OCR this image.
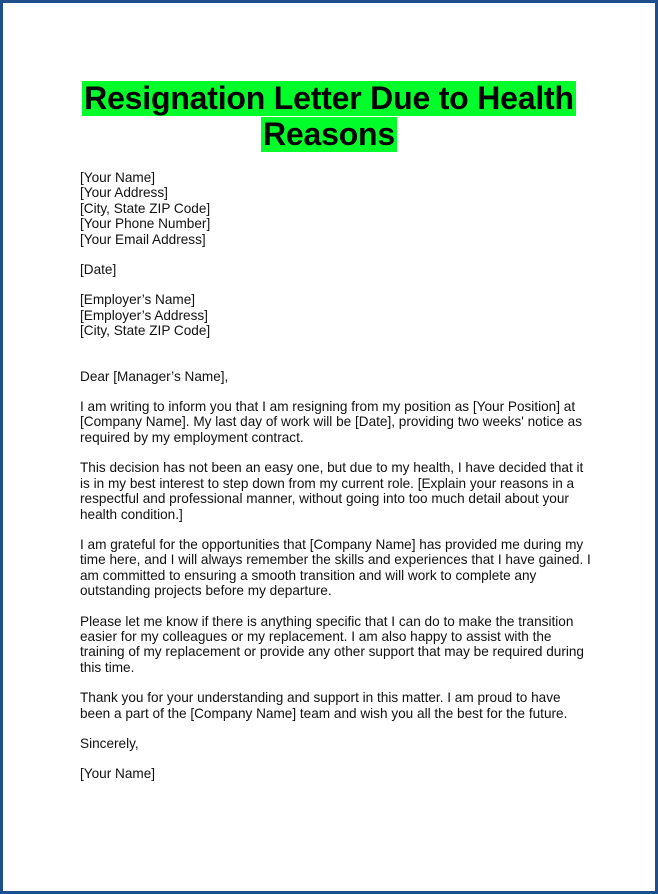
Resignation Letter Due to Health
Reasons
[Your Name]
[Your Address]
[City, State ZIP Code]
[Your Phone Number]
[Your Email Address]
[Date]
[Employer’s Name]
[Employer’s Address]
[City, State ZIP Code]
Dear [Manager’s Name],
I am writing to inform you that I am resigning from my position as [Your Position] at
[Company Name]. My last day of work will be [Date], providing two weeks' notice as
required by my employment contract.
This decision has not been an easy one, but due to my health, I have decided that it
is in my best interest to step down from my current role. [Explain your reasons in a
respectful and professional manner, without going into too much detail about your
health condition.]
I am grateful for the opportunities that [Company Name] has provided me during my
time here, and I will always remember the skills and experiences that I have gained. I
am committed to ensuring a smooth transition and will work to complete any
outstanding projects before my departure.
Please let me know if there is anything specific that I can do to make the transition
easier for my colleagues or my replacement. I am also happy to assist with the
training of my replacement or provide any other support that may be required during
this time.
Thank you for your understanding and support in this matter. I am proud to have
been a part of the [Company Name] team and wish you all the best for the future.
Sincerely,
[Your Name]
